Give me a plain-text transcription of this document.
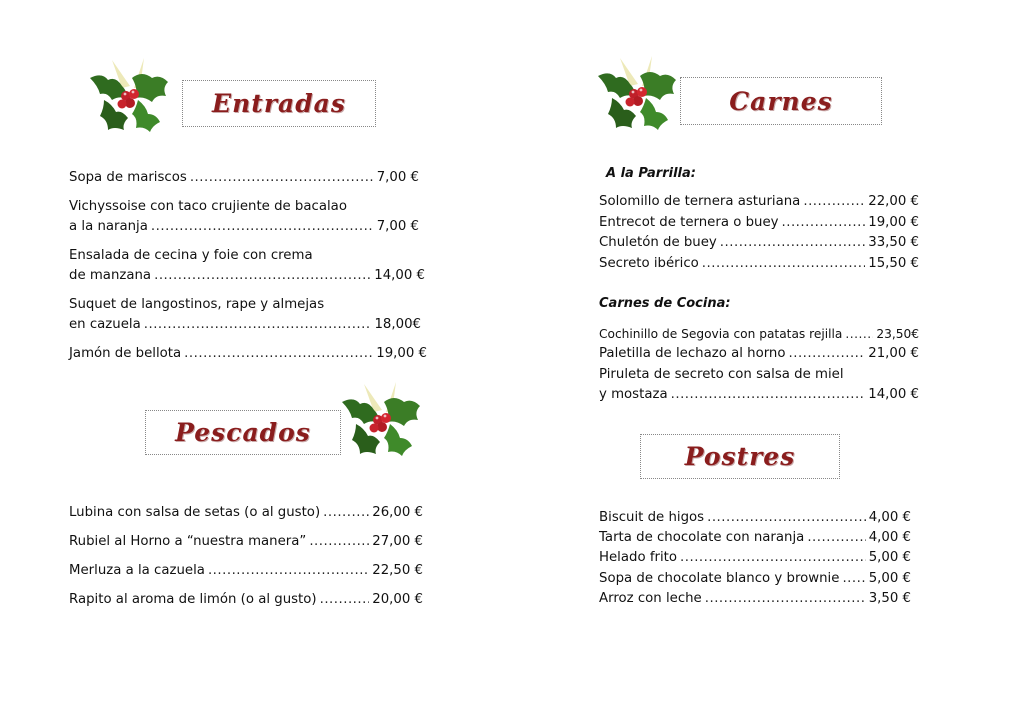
Entradas
Sopa de mariscos .....	7,00 €
Vichyssoise con taco crujiente de bacalao
a la naranja .....	7,00 €
Ensalada de cecina y foie con crema
de manzana .....	14,00 €
Suquet de langostinos, rape y almejas
en cazuela .....	18,00€
Jamón de bellota .....	19,00 €
Pescados
Lubina con salsa de setas (o al gusto) .....	26,00 €
Rubiel al Horno a “nuestra manera” .....	27,00 €
Merluza a la cazuela .....	22,50 €
Rapito al aroma de limón (o al gusto) .....	20,00 €
Carnes
A la Parrilla:
Solomillo de ternera asturiana .....	22,00 €
Entrecot de ternera o buey .....	19,00 €
Chuletón de buey .....	33,50 €
Secreto ibérico .....	15,50 €
Carnes de Cocina:
Cochinillo de Segovia con patatas rejilla .....	23,50€
Paletilla de lechazo al horno .....	21,00 €
Piruleta de secreto con salsa de miel
y mostaza .....	14,00 €
Postres
Biscuit de higos .....	4,00 €
Tarta de chocolate con naranja .....	4,00 €
Helado frito .....	5,00 €
Sopa de chocolate blanco y brownie ..... 5,00 €
Arroz con leche .....	3,50 €
